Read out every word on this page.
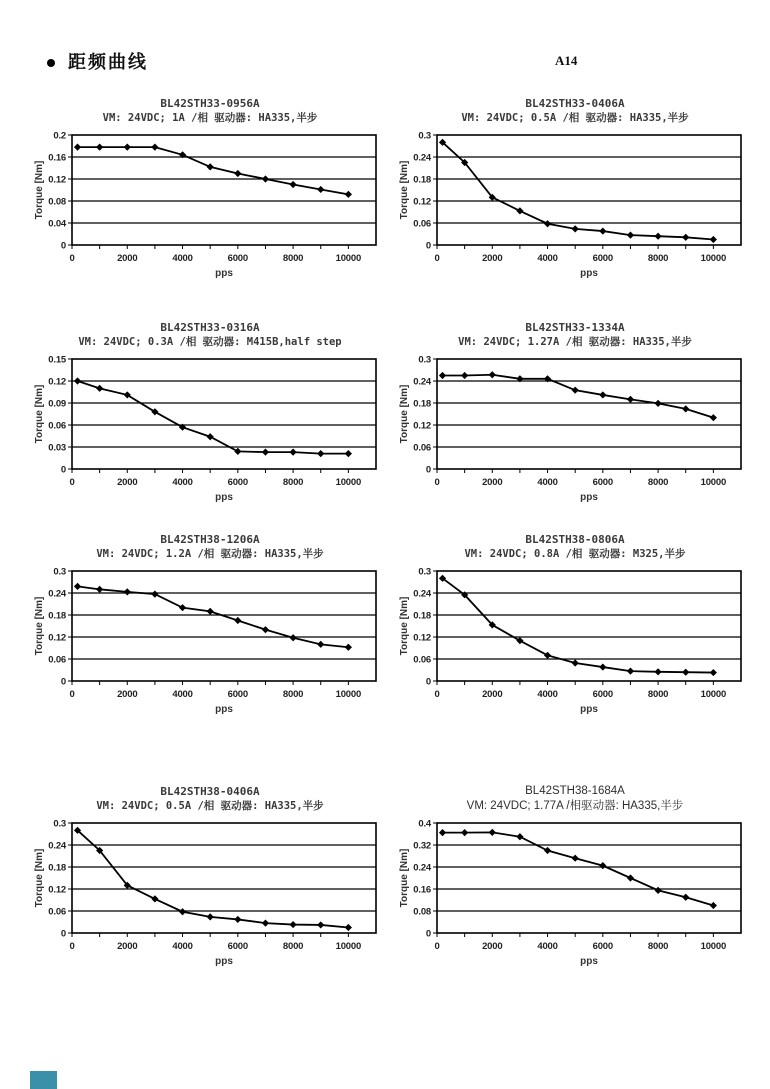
距频曲线	A14
BL42STH33-0956A
VM: 24VDC; 1A /相 驱动器: HA335,半步
0
0.04
0.08
0.12
0.16
0.2
0	2000	4000	6000	8000	10000
pps
Torque [Nm]
BL42STH33-0406A
VM: 24VDC; 0.5A /相 驱动器: HA335,半步
0
0.06
0.12
0.18
0.24
0.3
0	2000	4000	6000	8000	10000
pps
Torque [Nm]
BL42STH33-0316A
VM: 24VDC; 0.3A /相 驱动器: M415B,half step
0
0.03
0.06
0.09
0.12
0.15
0	2000	4000	6000	8000	10000
pps
Torque [Nm]
BL42STH33-1334A
VM: 24VDC; 1.27A /相 驱动器: HA335,半步
0
0.06
0.12
0.18
0.24
0.3
0	2000	4000	6000	8000	10000
pps
Torque [Nm]
BL42STH38-1206A
VM: 24VDC; 1.2A /相 驱动器: HA335,半步
0
0.06
0.12
0.18
0.24
0.3
0	2000	4000	6000	8000	10000
pps
Torque [Nm]
BL42STH38-0806A
VM: 24VDC; 0.8A /相 驱动器: M325,半步
0
0.06
0.12
0.18
0.24
0.3
0	2000	4000	6000	8000	10000
pps
Torque [Nm]
BL42STH38-0406A
VM: 24VDC; 0.5A /相 驱动器: HA335,半步
0
0.06
0.12
0.18
0.24
0.3
0	2000	4000	6000	8000	10000
pps
Torque [Nm]
BL42STH38-1684A
VM: 24VDC; 1.77A /相驱动器: HA335,半步
0
0.08
0.16
0.24
0.32
0.4
0	2000	4000	6000	8000	10000
pps
Torque [Nm]
